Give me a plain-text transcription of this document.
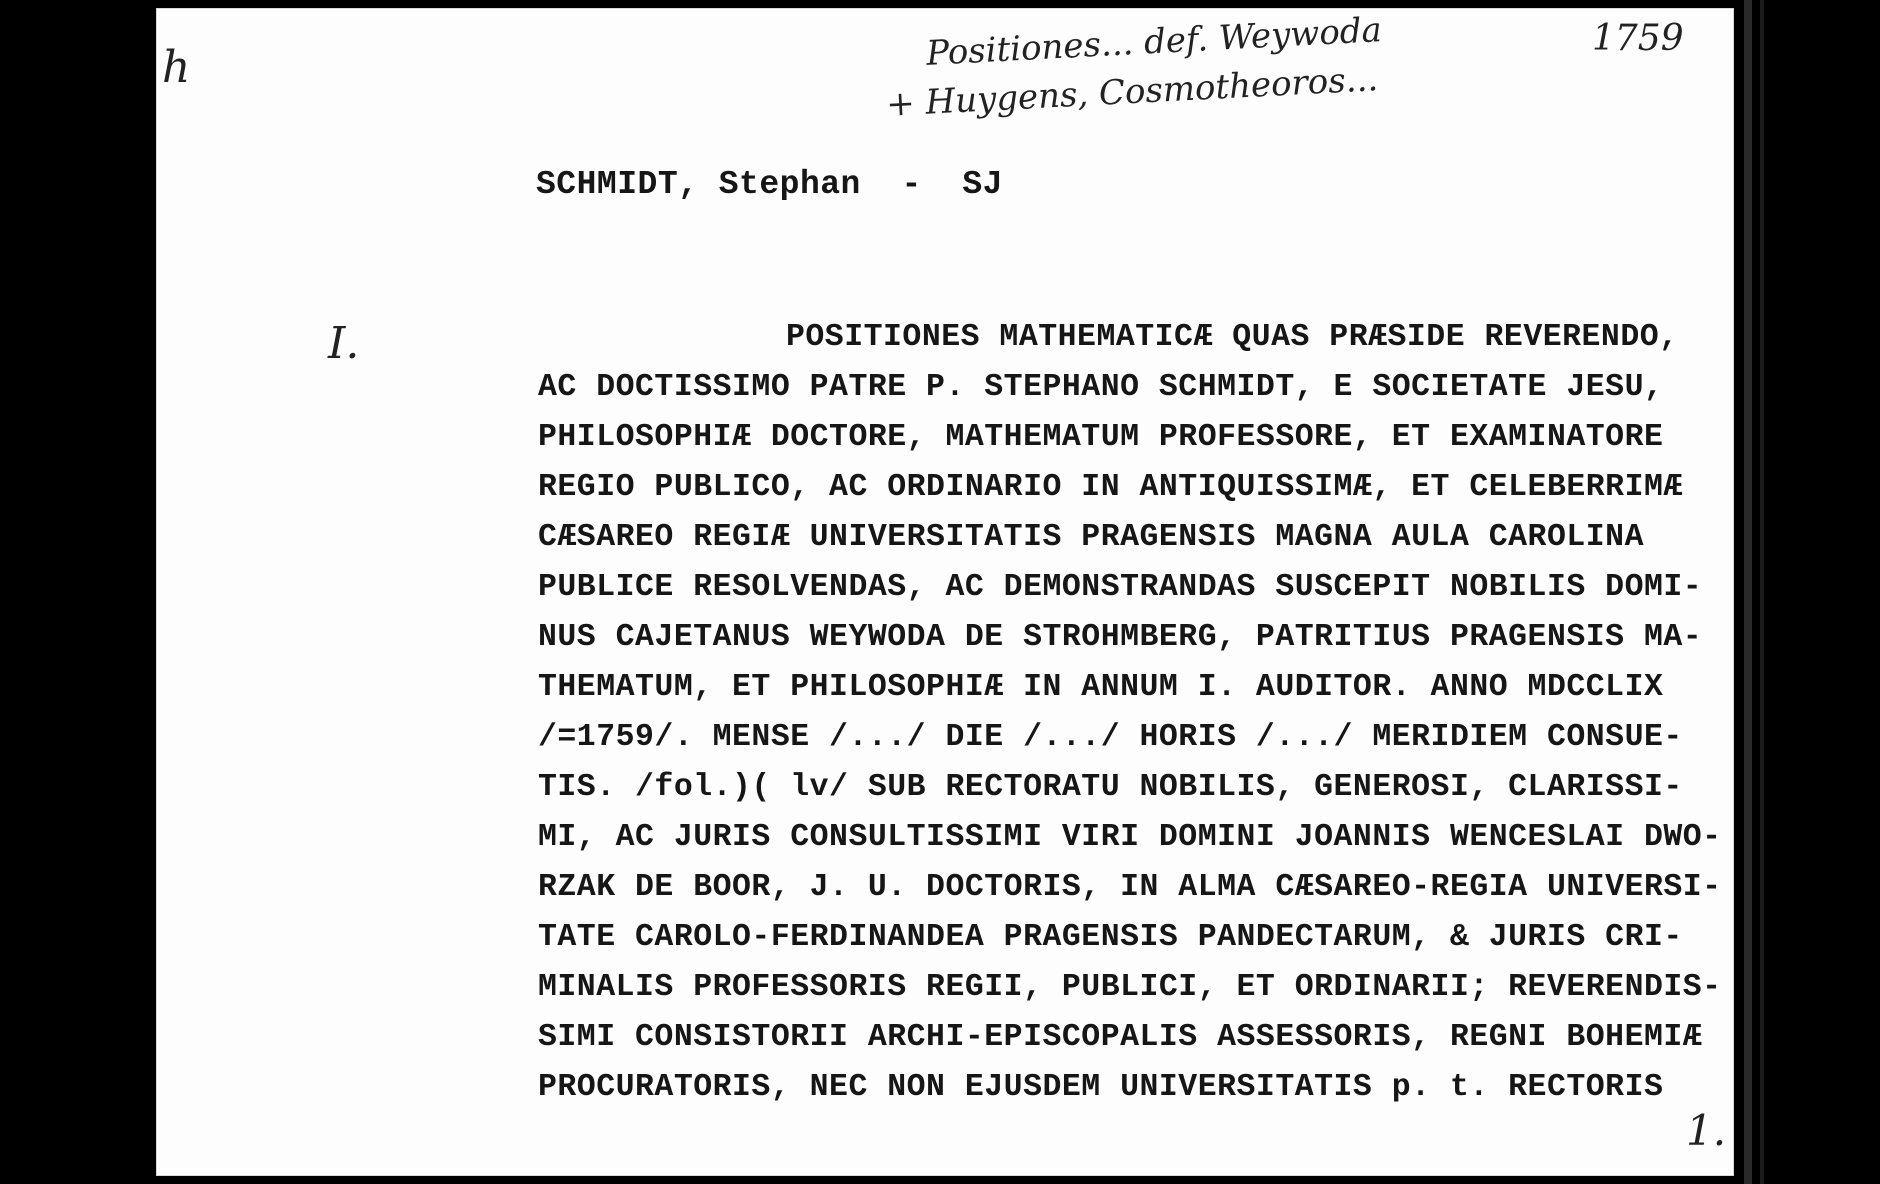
h	Positiones... def. Weywoda
+ Huygens, Cosmotheoros...
1759
SCHMIDT, Stephan  -  SJ
I.	POSITIONES MATHEMATICÆ QUAS PRÆSIDE REVERENDO,
AC DOCTISSIMO PATRE P. STEPHANO SCHMIDT, E SOCIETATE JESU,
PHILOSOPHIÆ DOCTORE, MATHEMATUM PROFESSORE, ET EXAMINATORE
REGIO PUBLICO, AC ORDINARIO IN ANTIQUISSIMÆ, ET CELEBERRIMÆ
CÆSAREO REGIÆ UNIVERSITATIS PRAGENSIS MAGNA AULA CAROLINA
PUBLICE RESOLVENDAS, AC DEMONSTRANDAS SUSCEPIT NOBILIS DOMI-
NUS CAJETANUS WEYWODA DE STROHMBERG, PATRITIUS PRAGENSIS MA-
THEMATUM, ET PHILOSOPHIÆ IN ANNUM I. AUDITOR. ANNO MDCCLIX
/=1759/. MENSE /.../ DIE /.../ HORIS /.../ MERIDIEM CONSUE-
TIS. /fol.)( lv/ SUB RECTORATU NOBILIS, GENEROSI, CLARISSI-
MI, AC JURIS CONSULTISSIMI VIRI DOMINI JOANNIS WENCESLAI DWO-
RZAK DE BOOR, J. U. DOCTORIS, IN ALMA CÆSAREO-REGIA UNIVERSI-
TATE CAROLO-FERDINANDEA PRAGENSIS PANDECTARUM, & JURIS CRI-
MINALIS PROFESSORIS REGII, PUBLICI, ET ORDINARII; REVERENDIS-
SIMI CONSISTORII ARCHI-EPISCOPALIS ASSESSORIS, REGNI BOHEMIÆ
PROCURATORIS, NEC NON EJUSDEM UNIVERSITATIS p. t. RECTORIS
1.
